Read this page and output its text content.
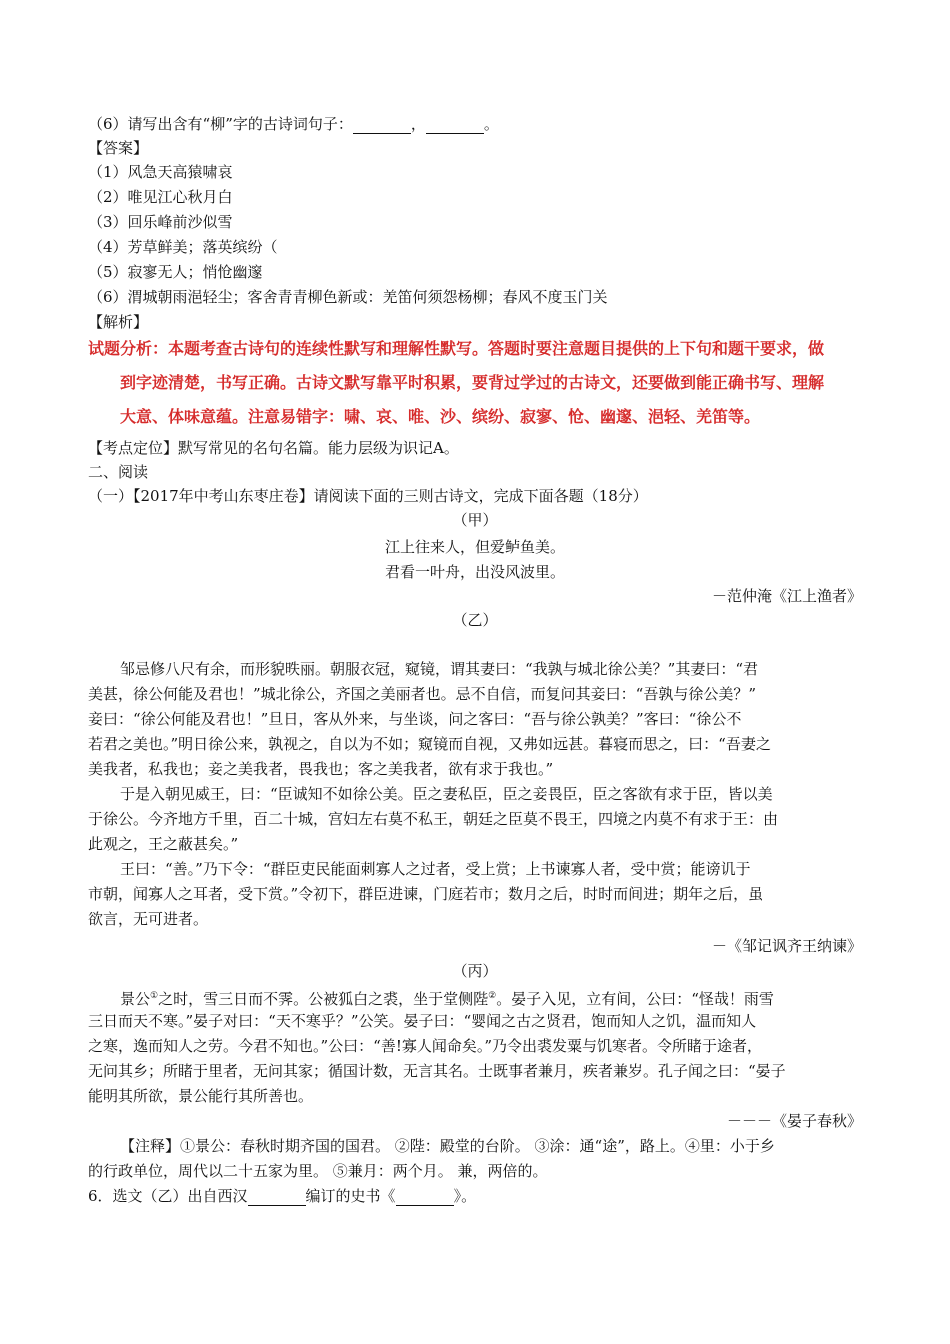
（6）请写出含有“柳”字的古诗词句子：	，	。
【答案】
（1）风急天高猿啸哀
（2）唯见江心秋月白
（3）回乐峰前沙似雪
（4）芳草鲜美；落英缤纷（
（5）寂寥无人；悄怆幽邃
（6）渭城朝雨浥轻尘；客舍青青柳色新或：羌笛何须怨杨柳；春风不度玉门关
【解析】
试题分析：本题考查古诗句的连续性默写和理解性默写。答题时要注意题目提供的上下句和题干要求，做
到字迹清楚，书写正确。古诗文默写靠平时积累，要背过学过的古诗文，还要做到能正确书写、理解
大意、体味意蕴。注意易错字：啸、哀、唯、沙、缤纷、寂寥、怆、幽邃、浥轻、羌笛等。
【考点定位】默写常见的名句名篇。能力层级为识记A。
二、阅读
（一）【2017年中考山东枣庄卷】请阅读下面的三则古诗文，完成下面各题（18分）
（甲）
江上往来人，但爱鲈鱼美。
君看一叶舟，出没风波里。
－范仲淹《江上渔者》
（乙）
邹忌修八尺有余，而形貌昳丽。朝服衣冠，窥镜，谓其妻曰：“我孰与城北徐公美？”其妻曰：“君
美甚，徐公何能及君也！”城北徐公，齐国之美丽者也。忌不自信，而复问其妾曰：“吾孰与徐公美？”
妾曰：“徐公何能及君也！”旦日，客从外来，与坐谈，问之客曰：“吾与徐公孰美？”客曰：“徐公不
若君之美也。”明日徐公来，孰视之，自以为不如；窥镜而自视，又弗如远甚。暮寝而思之，曰：“吾妻之
美我者，私我也；妾之美我者，畏我也；客之美我者，欲有求于我也。”
于是入朝见威王，曰：“臣诚知不如徐公美。臣之妻私臣，臣之妾畏臣，臣之客欲有求于臣，皆以美
于徐公。今齐地方千里，百二十城，宫妇左右莫不私王，朝廷之臣莫不畏王，四境之内莫不有求于王：由
此观之，王之蔽甚矣。”
王曰：“善。”乃下令：“群臣吏民能面刺寡人之过者，受上赏；上书谏寡人者，受中赏；能谤讥于
市朝，闻寡人之耳者，受下赏。”令初下，群臣进谏，门庭若市；数月之后，时时而间进；期年之后，虽
欲言，无可进者。
－《邹记讽齐王纳谏》
（丙）
景公①之时，雪三日而不霁。公被狐白之裘，坐于堂侧陛②。晏子入见，立有间，公曰：“怪哉！雨雪
三日而天不寒。”晏子对曰：“天不寒乎？”公笑。晏子曰：“婴闻之古之贤君，饱而知人之饥，温而知人
之寒，逸而知人之劳。今君不知也。”公曰：“善!寡人闻命矣。”乃令出裘发粟与饥寒者。令所睹于途者，
无问其乡；所睹于里者，无问其家；循国计数，无言其名。士既事者兼月，疾者兼岁。孔子闻之曰：“晏子
能明其所欲，景公能行其所善也。
－－－《晏子春秋》
【注释】①景公：春秋时期齐国的国君。 ②陛：殿堂的台阶。 ③涂：通“途”，路上。④里：小于乡
的行政单位，周代以二十五家为里。 ⑤兼月：两个月。 兼，两倍的。
6．选文（乙）出自西汉	编订的史书《	》。
